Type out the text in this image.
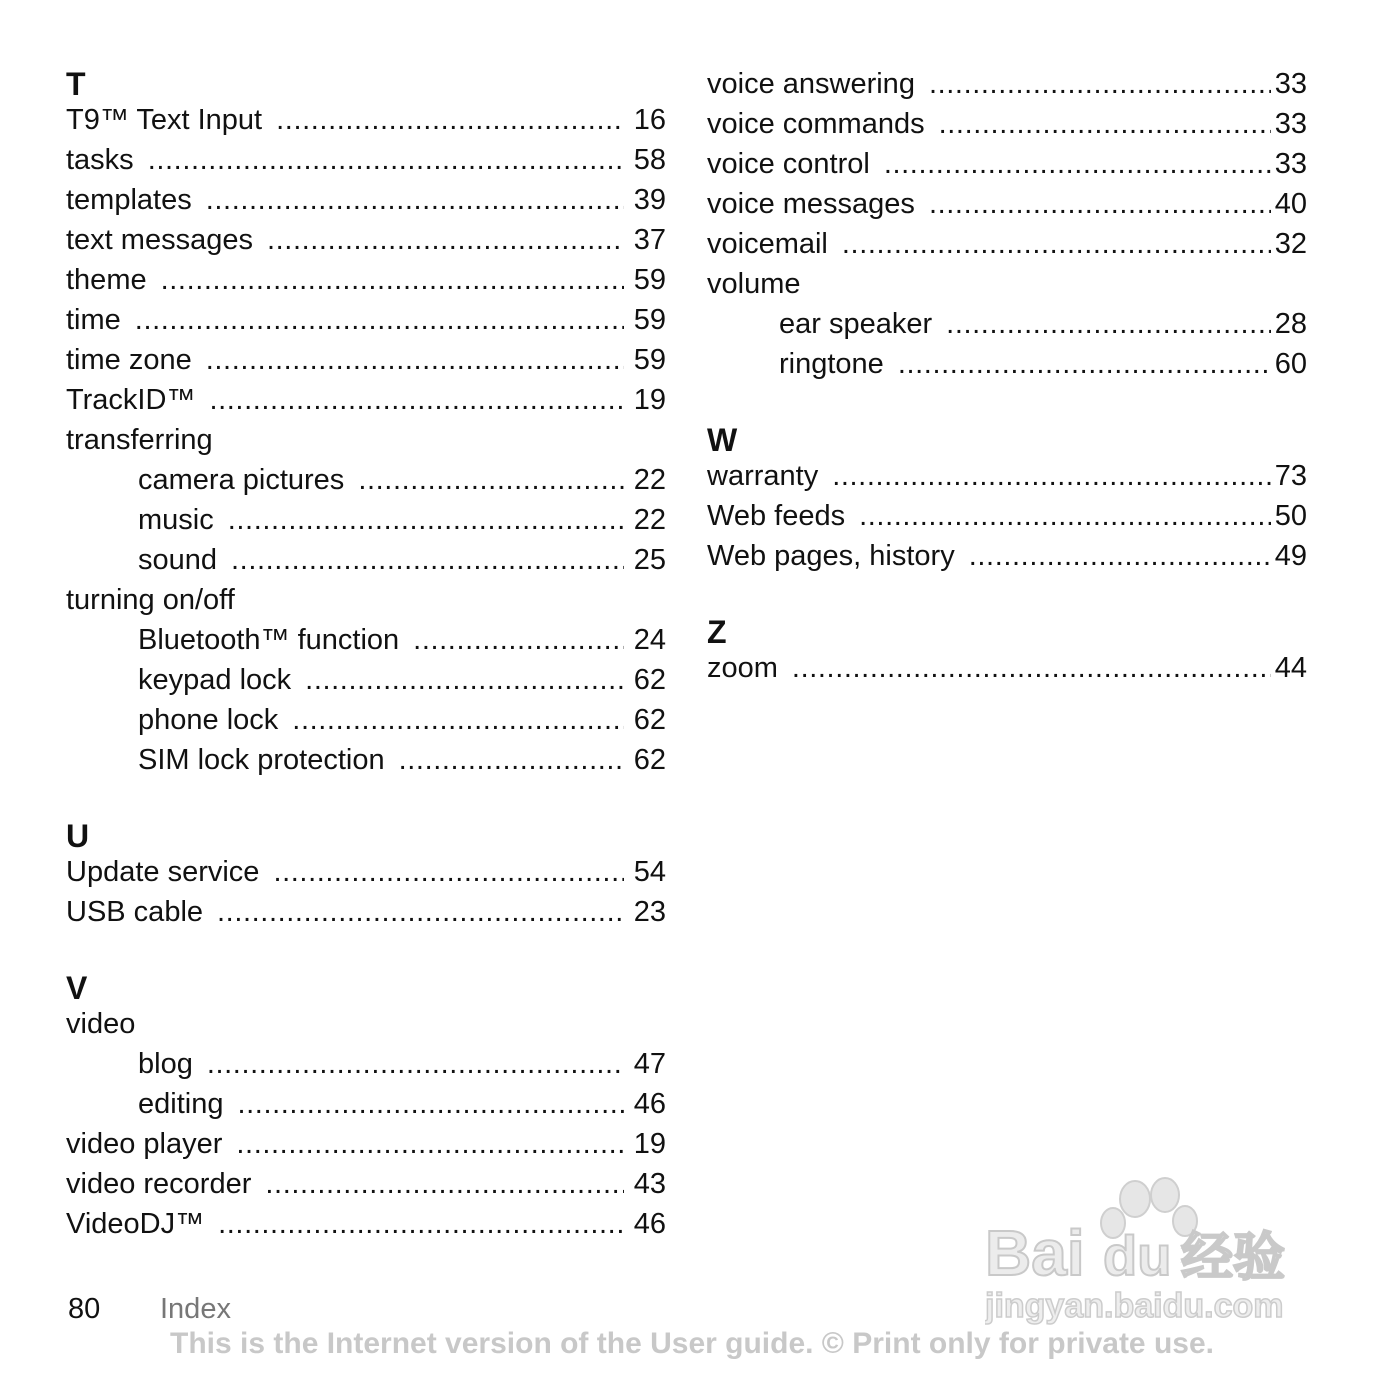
T
T9™ Text Input .....	16
tasks .....	58
templates .....	39
text messages .....	37
theme .....	59
time .....	59
time zone .....	59
TrackID™ .....	19
transferring
camera pictures .....	22
music .....	22
sound .....	25
turning on/off
Bluetooth™ function .....	24
keypad lock .....	62
phone lock .....	62
SIM lock protection .....	62
U
Update service .....	54
USB cable .....	23
V
video
blog .....	47
editing .....	46
video player .....	19
video recorder .....	43
VideoDJ™ .....	46
voice answering .....	33
voice commands .....	33
voice control .....	33
voice messages .....	40
voicemail .....	32
volume
ear speaker .....	28
ringtone .....	60
W
warranty .....	73
Web feeds .....	50
Web pages, history .....	49
Z
zoom .....	44
Bai du 经验
jingyan.baidu.com
80 Index
This is the Internet version of the User guide. © Print only for private use.
